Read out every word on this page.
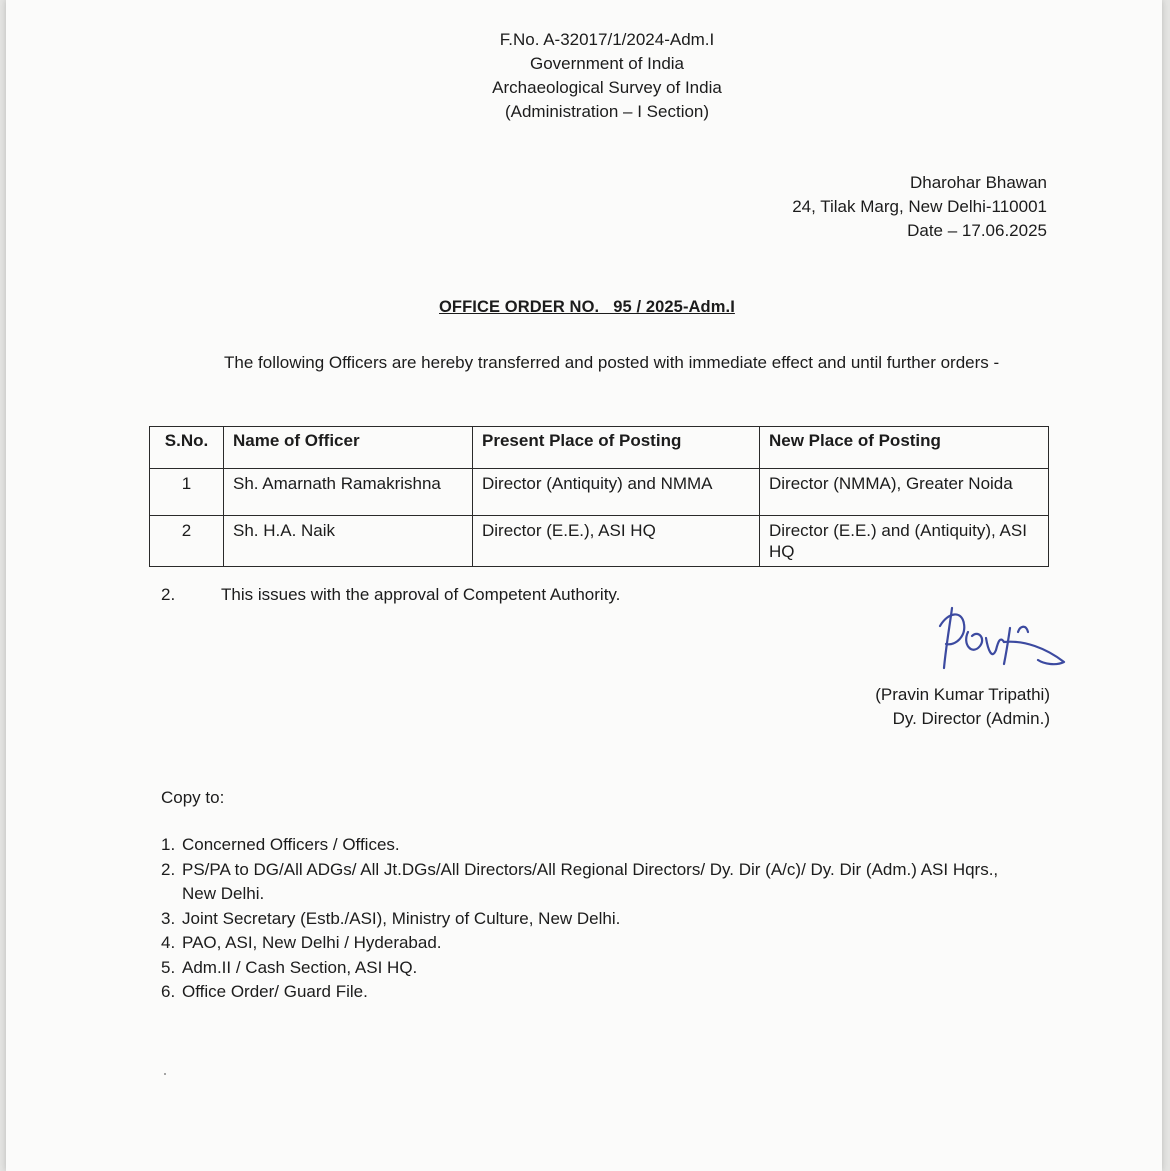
F.No. A-32017/1/2024-Adm.I
Government of India
Archaeological Survey of India
(Administration – I Section)
Dharohar Bhawan
24, Tilak Marg, New Delhi-110001
Date – 17.06.2025
OFFICE ORDER NO.   95 / 2025-Adm.I
The following Officers are hereby transferred and posted with immediate effect and until further orders -
S.No.	Name of Officer	Present Place of Posting	New Place of Posting
1	Sh. Amarnath Ramakrishna	Director (Antiquity) and NMMA	Director (NMMA), Greater Noida
2	Sh. H.A. Naik	Director (E.E.), ASI HQ	Director (E.E.) and (Antiquity), ASI HQ
2.	This issues with the approval of Competent Authority.
(Pravin Kumar Tripathi)
Dy. Director (Admin.)
Copy to:
1. Concerned Officers / Offices.
2. PS/PA to DG/All ADGs/ All Jt.DGs/All Directors/All Regional Directors/ Dy. Dir (A/c)/ Dy. Dir (Adm.) ASI Hqrs., New Delhi.
3. Joint Secretary (Estb./ASI), Ministry of Culture, New Delhi.
4. PAO, ASI, New Delhi / Hyderabad.
5. Adm.II / Cash Section, ASI HQ.
6. Office Order/ Guard File.
